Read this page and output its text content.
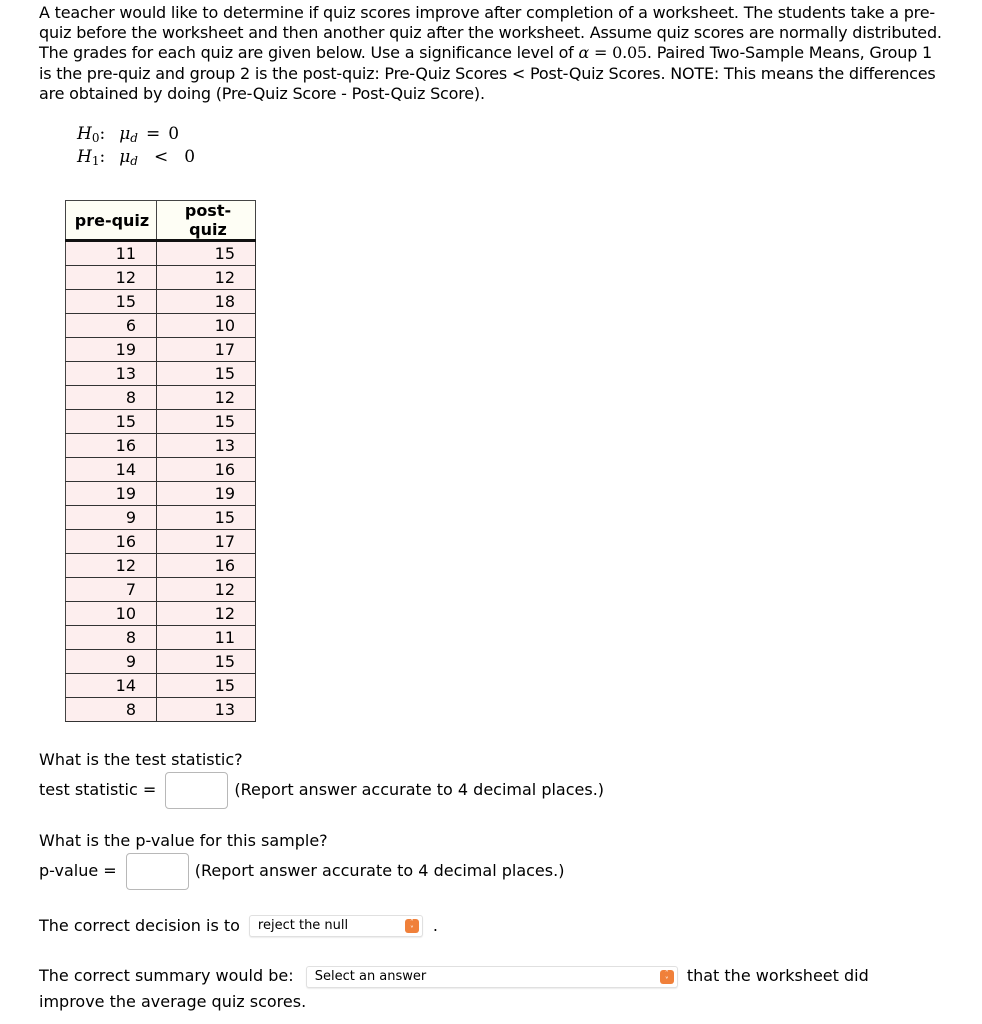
A teacher would like to determine if quiz scores improve after completion of a worksheet. The students take a pre-quiz before the worksheet and then another quiz after the worksheet. Assume quiz scores are normally distributed. The grades for each quiz are given below. Use a significance level of α = 0.05. Paired Two-Sample Means, Group 1 is the pre-quiz and group 2 is the post-quiz: Pre-Quiz Scores < Post-Quiz Scores. NOTE: This means the differences are obtained by doing (Pre-Quiz Score - Post-Quiz Score).
$H_0$: $\mu_d = 0$
$H_1$: $\mu_d < 0$
pre-quiz	post-quiz
11	15
12	12
15	18
6	10
19	17
13	15
8	12
15	15
16	13
14	16
19	19
9	15
16	17
12	16
7	12
10	12
8	11
9	15
14	15
8	13
What is the test statistic?
test statistic =	(Report answer accurate to 4 decimal places.)
What is the p-value for this sample?
p-value =	(Report answer accurate to 4 decimal places.)
The correct decision is to	reject the null	˄
˅	.
The correct summary would be: Select an answer	˄
˅	that the worksheet did improve the average quiz scores.
